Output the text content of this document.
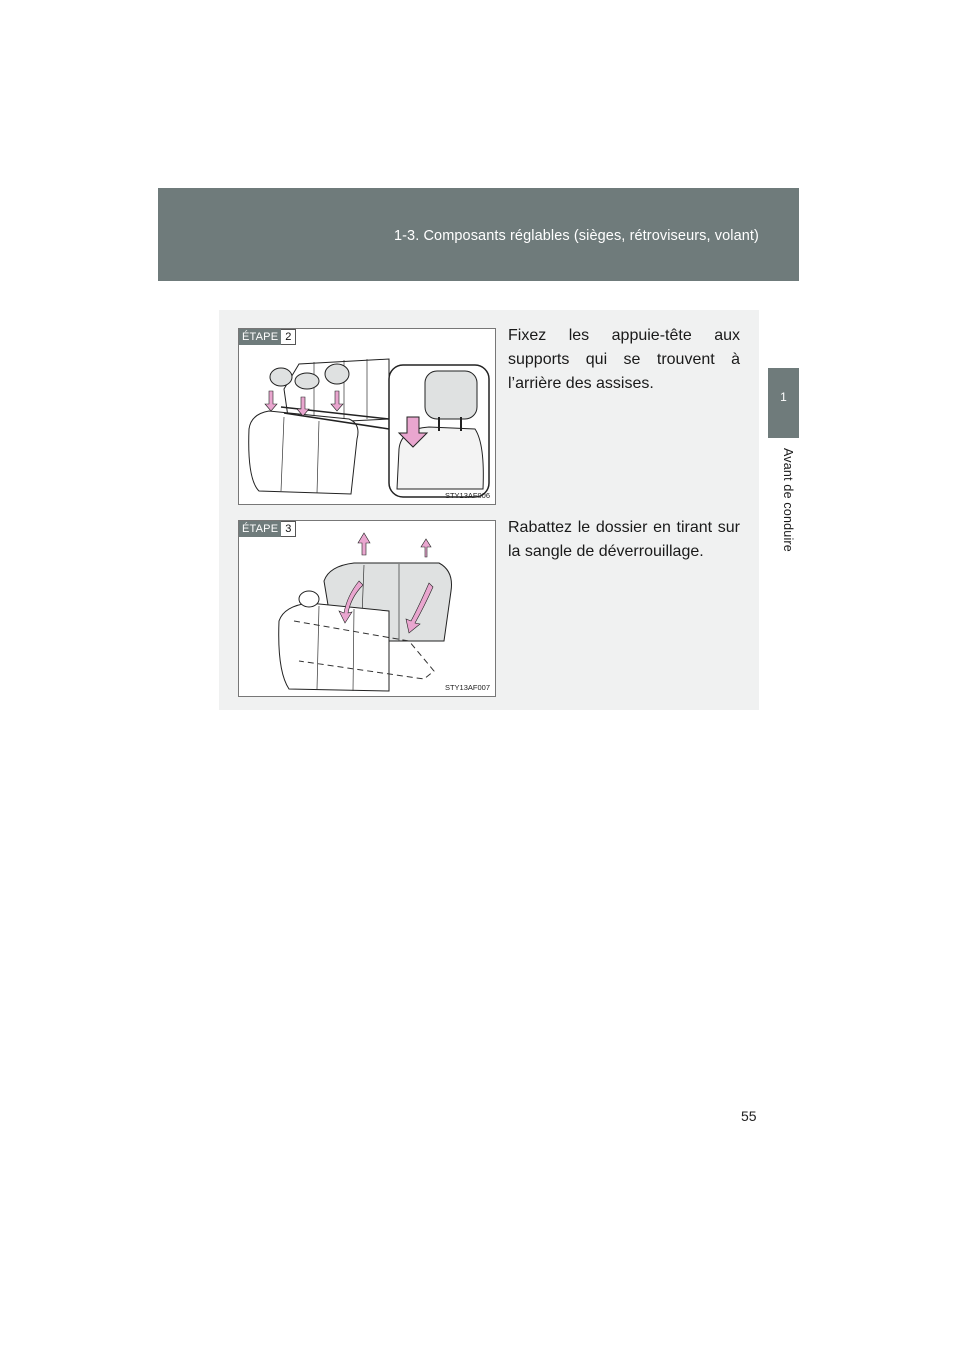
1-3. Composants réglables (sièges, rétroviseurs, volant)
1
Avant de conduire
ÉTAPE 2
STY13AF006
Fixez les appuie-tête aux supports qui se trouvent à l’arrière des assises.
ÉTAPE 3
STY13AF007
Rabattez le dossier en tirant sur la sangle de déverrouillage.
55
